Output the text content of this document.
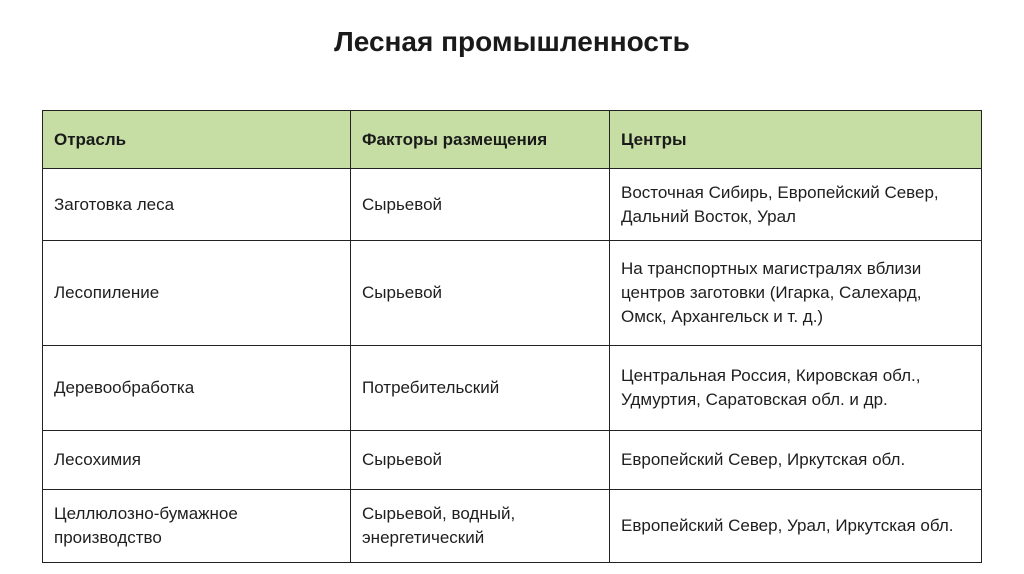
Лесная промышленность
Отрасль	Факторы размещения	Центры
Заготовка леса	Сырьевой	Восточная Сибирь, Европейский Север, Дальний Восток, Урал
Лесопиление	Сырьевой	На транспортных магистралях вблизи центров заготовки (Игарка, Салехард, Омск, Архангельск и т. д.)
Деревообработка	Потребительский	Центральная Россия, Кировская обл., Удмуртия, Саратовская обл. и др.
Лесохимия	Сырьевой	Европейский Север, Иркутская обл.
Целлюлозно-бумажное производство	Сырьевой, водный, энергетический	Европейский Север, Урал, Иркутская обл.
